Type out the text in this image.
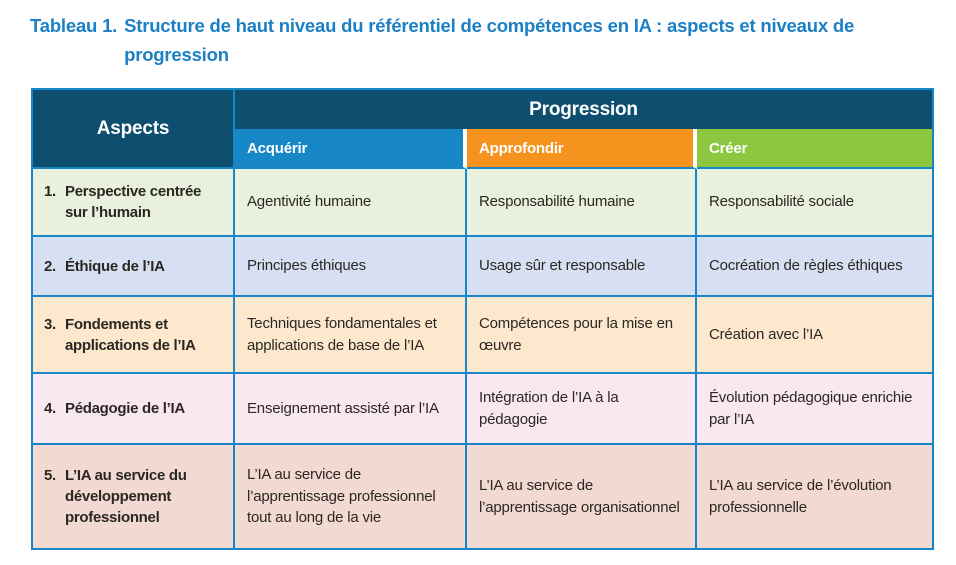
Tableau 1. Structure de haut niveau du référentiel de compétences en IA : aspects et niveaux de progression
Aspects	Progression		
	Acquérir	Approfondir	Créer

1. Perspective centrée sur l’humain	Agentivité humaine	Responsabilité humaine	Responsabilité sociale

2. Éthique de l’IA	Principes éthiques	Usage sûr et responsable	Cocréation de règles éthiques

3. Fondements et applications de l’IA	Techniques fondamentales et applications de base de l’IA	Compétences pour la mise en œuvre	Création avec l’IA

4. Pédagogie de l’IA	Enseignement assisté par l’IA	Intégration de l’IA à la pédagogie	Évolution pédagogique enrichie par l’IA

5. L’IA au service du développement professionnel	L’IA au service de l’apprentissage professionnel tout au long de la vie	L’IA au service de l’apprentissage organisationnel	L’IA au service de l’évolution professionnelle
